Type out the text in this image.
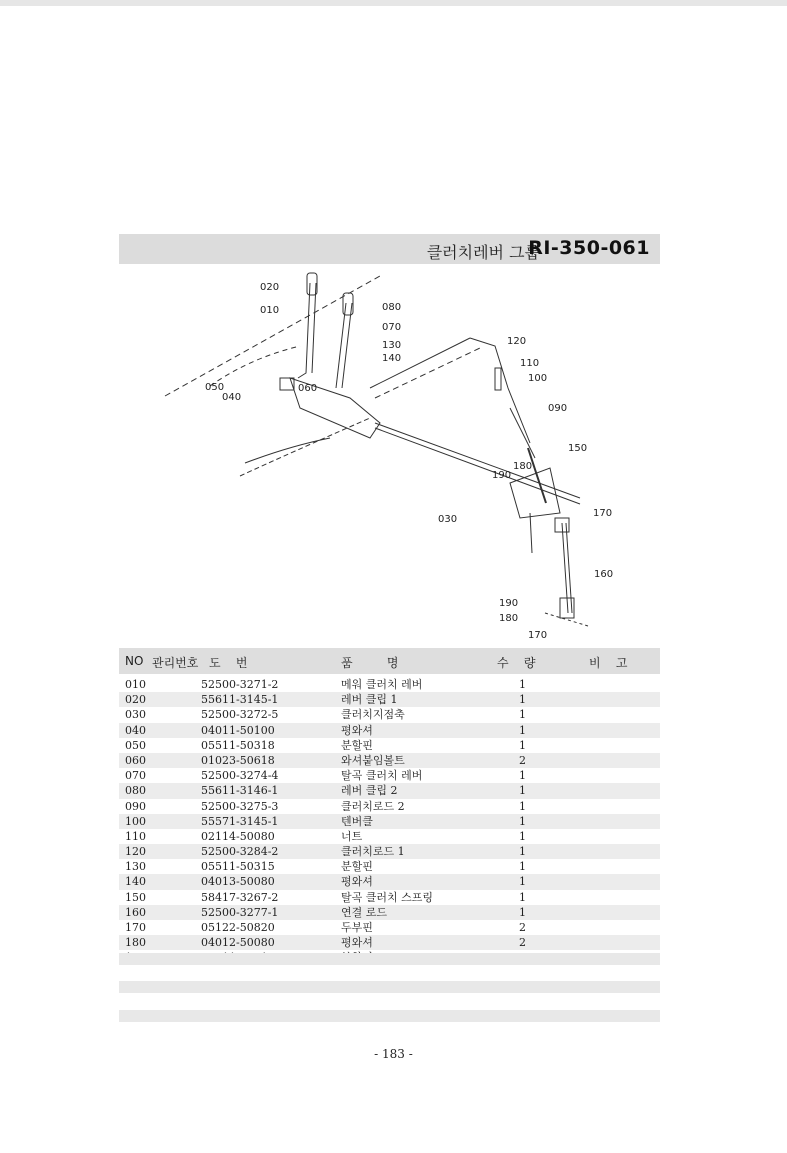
클러치레버 그룹
RI-350-061
020
010	080
070
130
140
060
050
040
120
110
100
090
150
180
190
030
170
160
190
180
170
NO 관리번호 도    번	품         명	수    량	비    고
010	52500-3271-2	메워 클러치 레버	1
020	55611-3145-1	레버 클립 1	1
030	52500-3272-5	클러치지점축	1
040	04011-50100	평와셔	1
050	05511-50318	분할핀	1
060	01023-50618	와셔붙임볼트	2
070	52500-3274-4	탈곡 클러치 레버	1
080	55611-3146-1	레버 클립 2	1
090	52500-3275-3	클러치로드 2	1
100	55571-3145-1	텐버클	1
110	02114-50080	너트	1
120	52500-3284-2	클러치로드 1	1
130	05511-50315	분할핀	1
140	04013-50080	평와셔	1
150	58417-3267-2	탈곡 클러치 스프링	1
160	52500-3277-1	연결 로드	1
170	05122-50820	두부핀	2
180	04012-50080	평와셔	2
- 183 -
